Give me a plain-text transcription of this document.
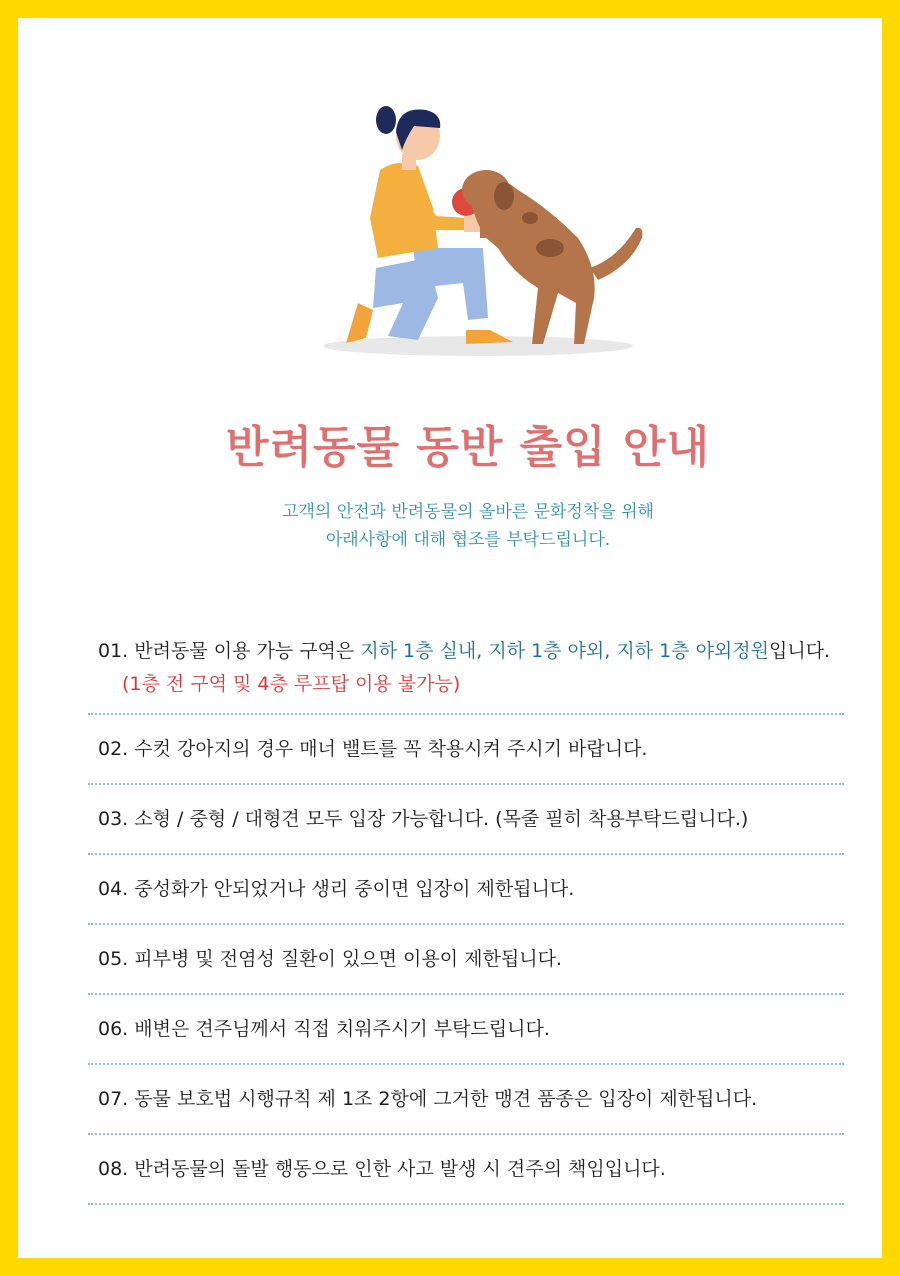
반려동물 동반 출입 안내
고객의 안전과 반려동물의 올바른 문화정착을 위해
아래사항에 대해 협조를 부탁드립니다.
01. 반려동물 이용 가능 구역은 지하 1층 실내, 지하 1층 야외, 지하 1층 야외정원입니다.
(1층 전 구역 및 4층 루프탑 이용 불가능)
02. 수컷 강아지의 경우 매너 밸트를 꼭 착용시켜 주시기 바랍니다.
03. 소형 / 중형 / 대형견 모두 입장 가능합니다. (목줄 필히 착용부탁드립니다.)
04. 중성화가 안되었거나 생리 중이면 입장이 제한됩니다.
05. 피부병 및 전염성 질환이 있으면 이용이 제한됩니다.
06. 배변은 견주님께서 직접 치워주시기 부탁드립니다.
07. 동물 보호법 시행규칙 제 1조 2항에 그거한 맹견 품종은 입장이 제한됩니다.
08. 반려동물의 돌발 행동으로 인한 사고 발생 시 견주의 책임입니다.
